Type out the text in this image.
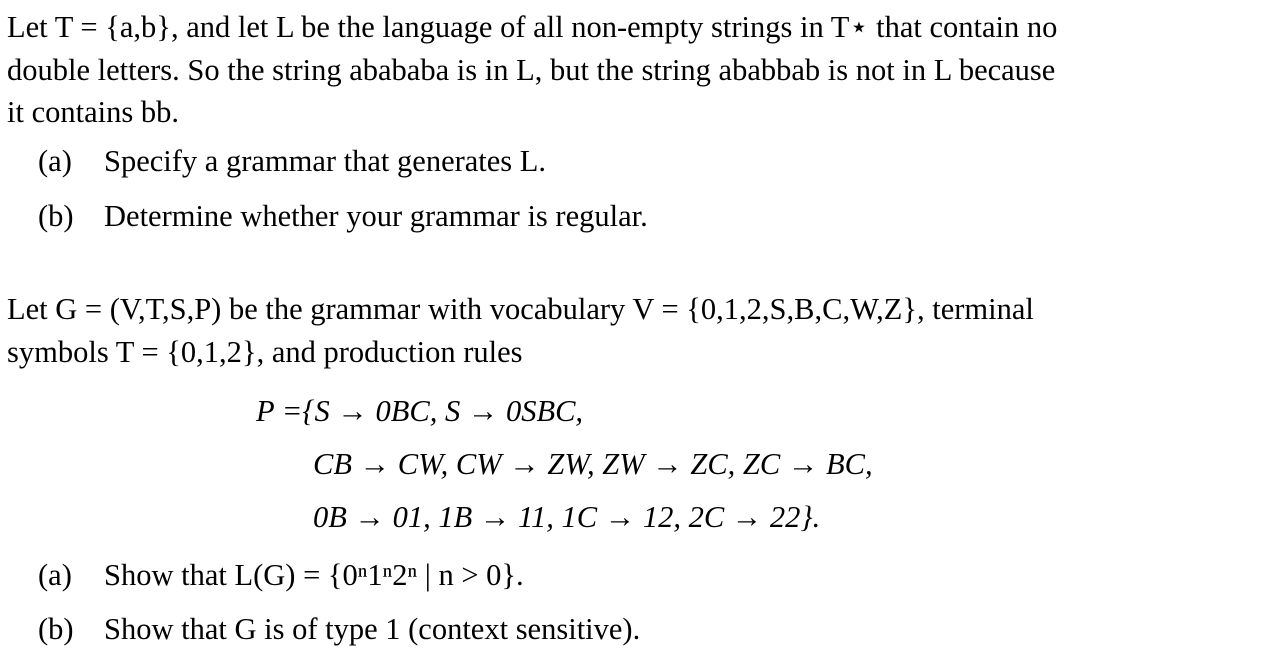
Let T = {a,b}, and let L be the language of all non-empty strings in T⋆ that contain no
double letters. So the string abababa is in L, but the string ababbab is not in L because
it contains bb.
(a) Specify a grammar that generates L.
(b) Determine whether your grammar is regular.
Let G = (V,T,S,P) be the grammar with vocabulary V = {0,1,2,S,B,C,W,Z}, terminal
symbols T = {0,1,2}, and production rules
P ={S → 0BC, S → 0SBC,
CB → CW, CW → ZW, ZW → ZC, ZC → BC,
0B → 01, 1B → 11, 1C → 12, 2C → 22}.
(a) Show that L(G) = {0ⁿ1ⁿ2ⁿ | n > 0}.
(b) Show that G is of type 1 (context sensitive).
